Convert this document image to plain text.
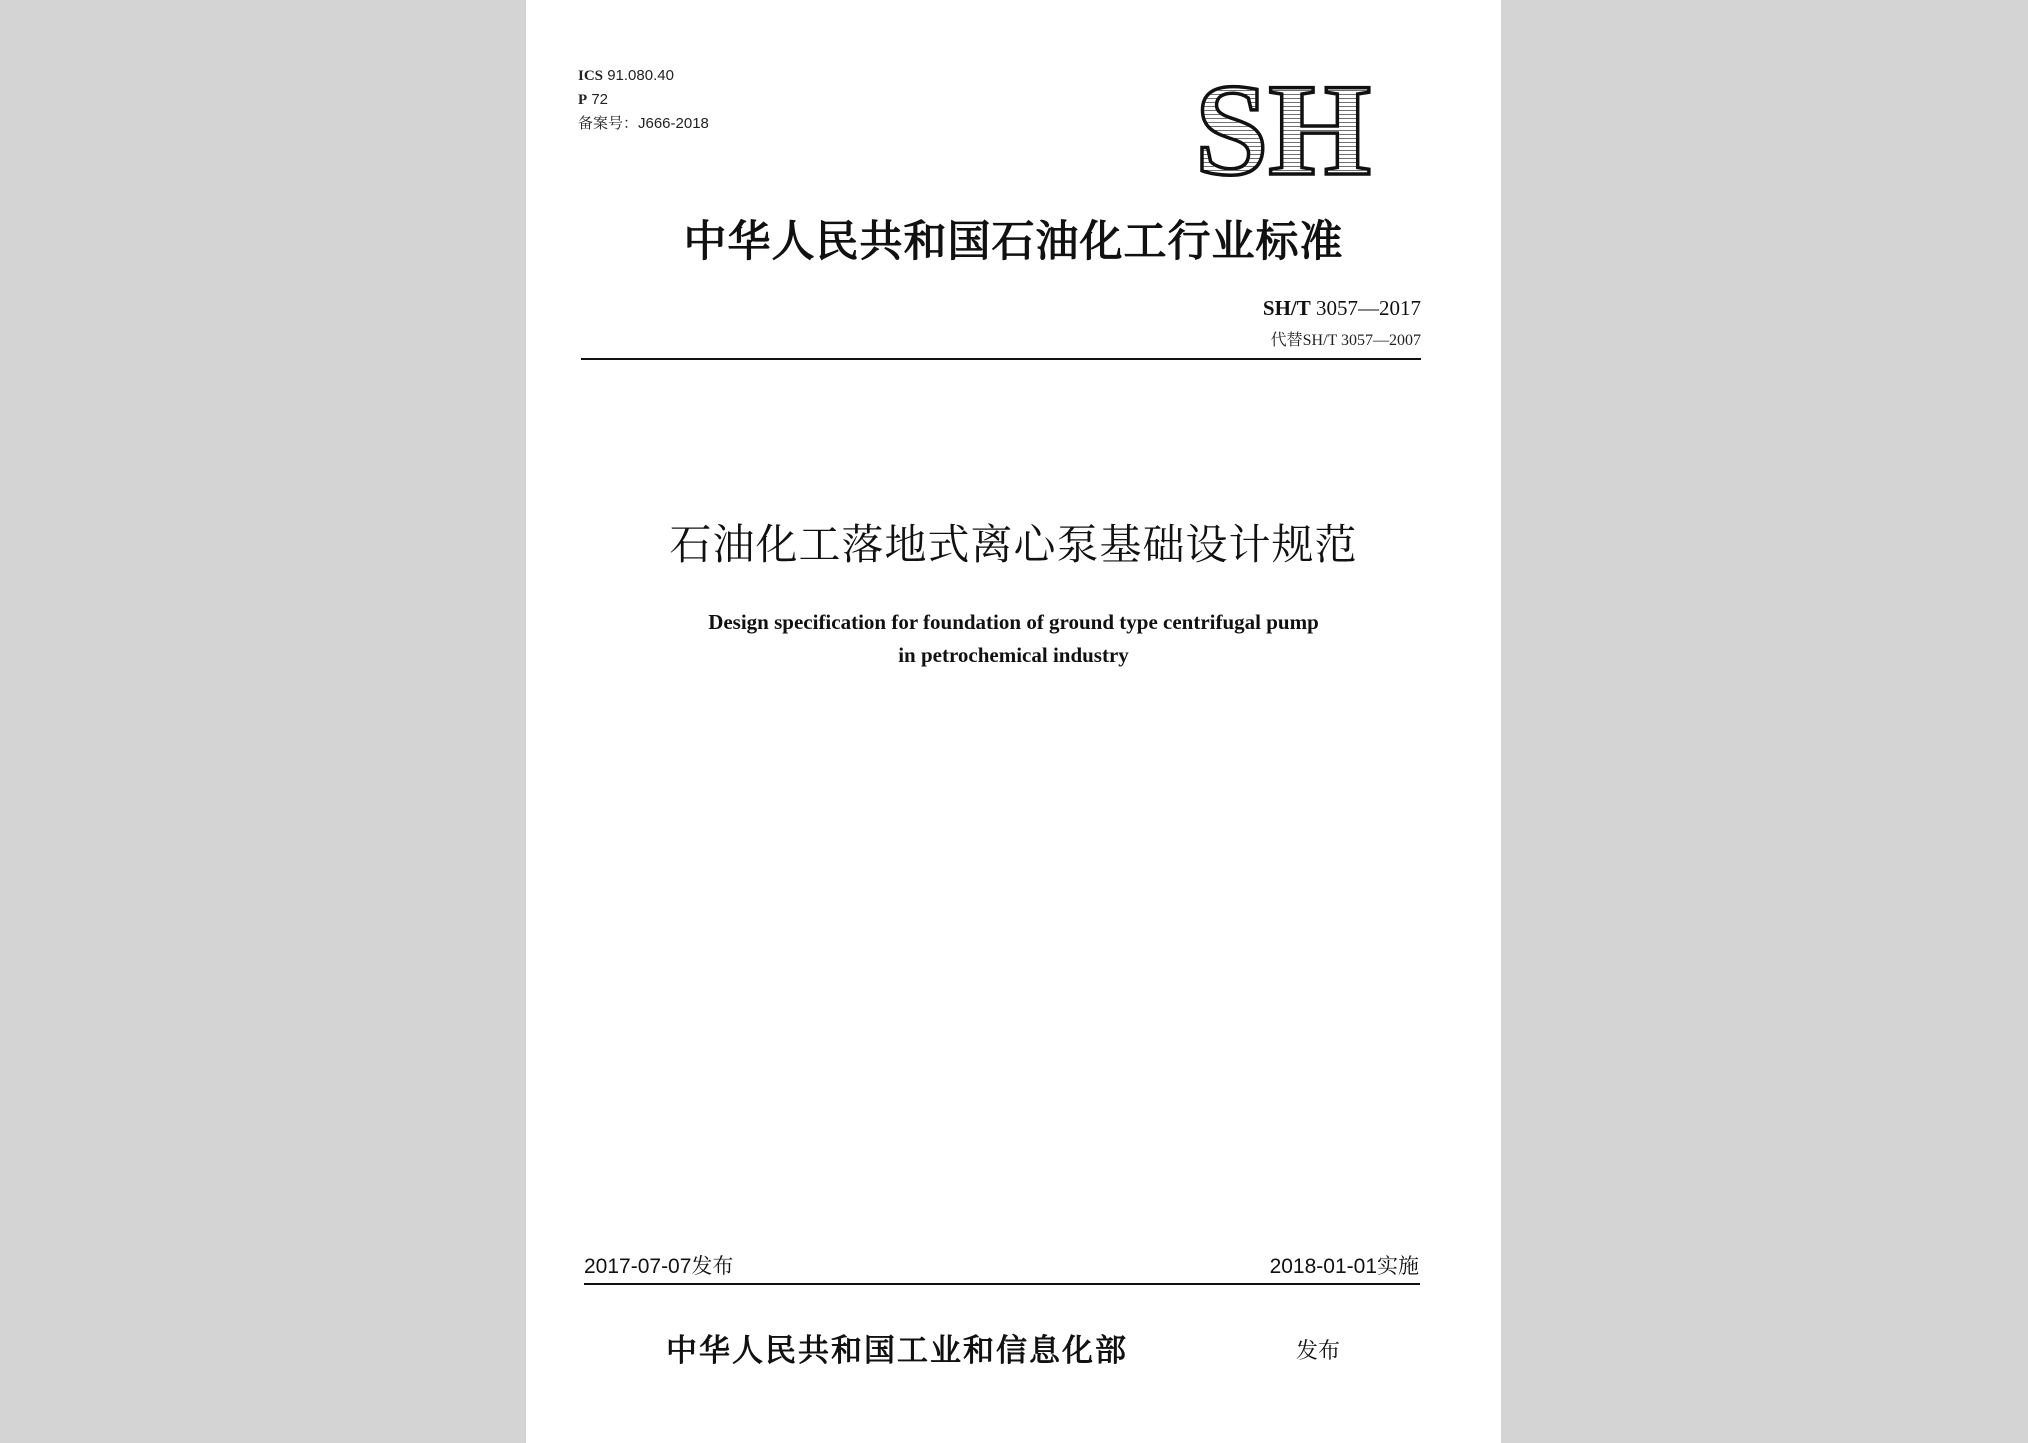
ICS 91.080.40
P 72
备案号：J666-2018	SH
中华人民共和国石油化工行业标准
SH/T 3057—2017
代替SH/T 3057—2007
石油化工落地式离心泵基础设计规范
Design specification for foundation of ground type centrifugal pump
in petrochemical industry
2017-07-07发布	2018-01-01实施
中华人民共和国工业和信息化部	发布
